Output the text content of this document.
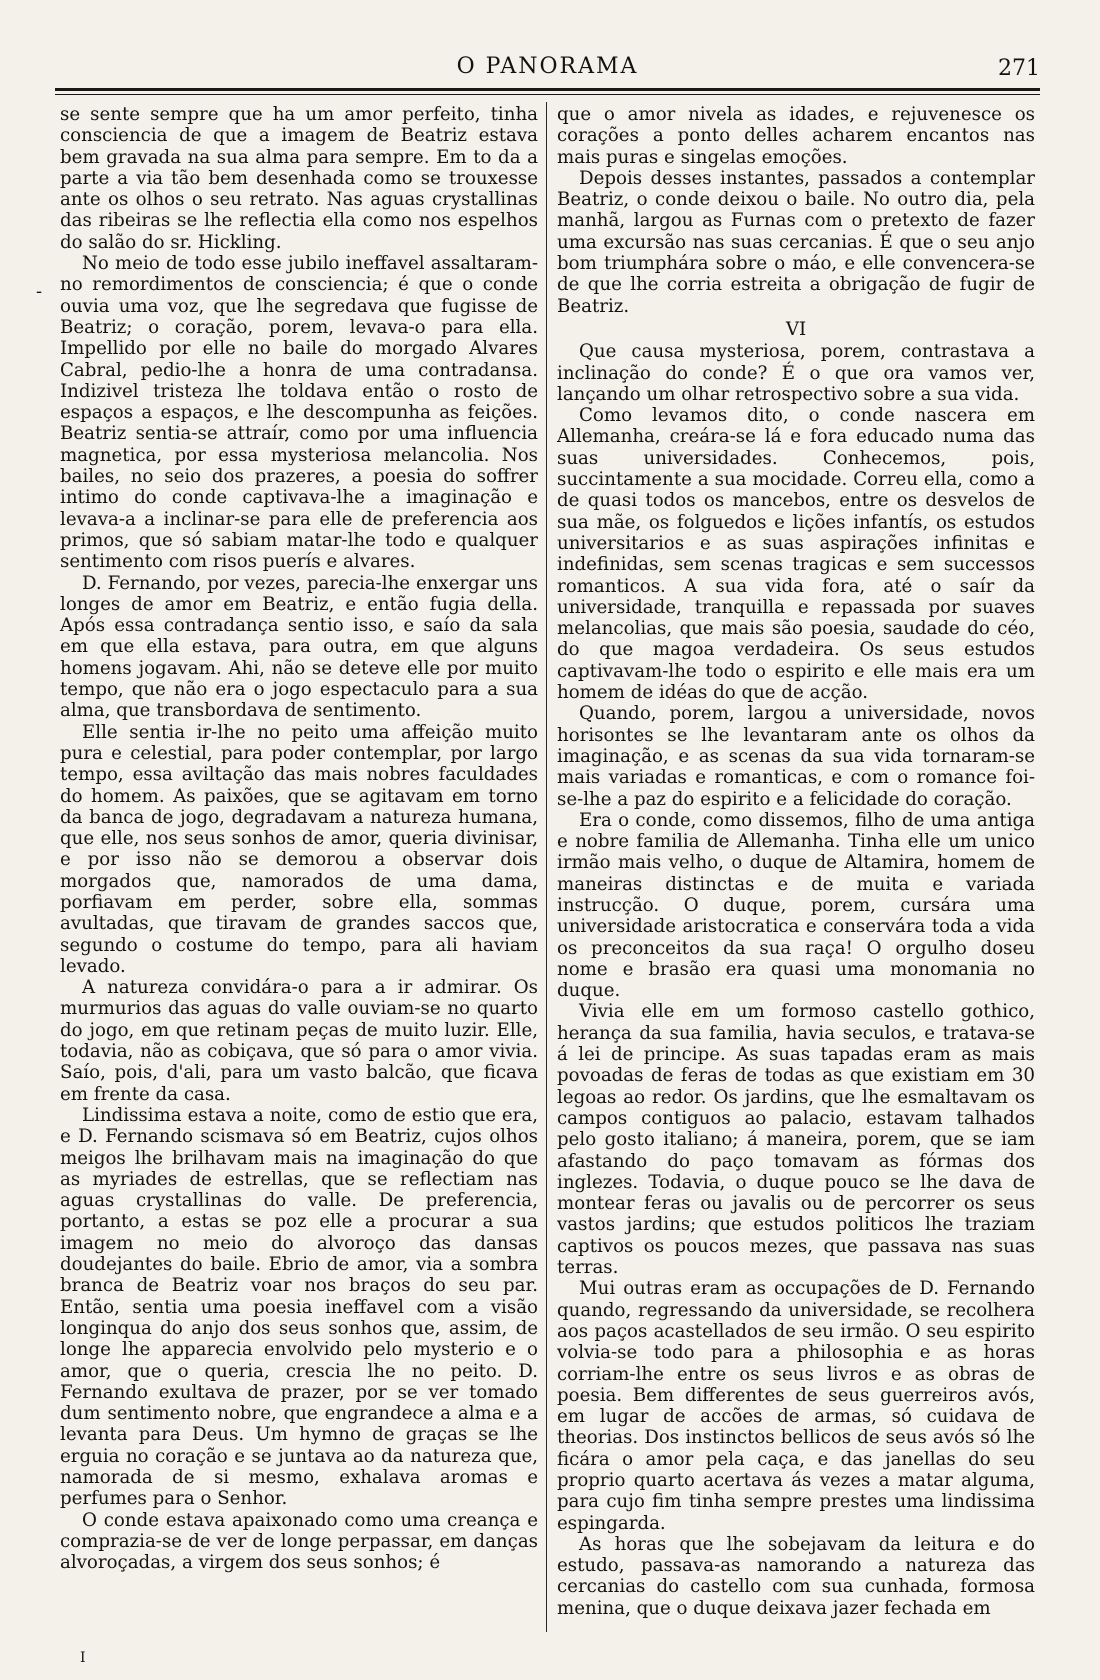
O PANORAMA	271

se sente sempre que ha um amor perfeito, tinha consciencia de que a imagem de Beatriz estava bem gravada na sua alma para sempre. Em to da a parte a via tão bem desenhada como se trouxesse ante os olhos o seu retrato. Nas aguas crystallinas das ribeiras se lhe reflectia ella como nos espelhos do salão do sr. Hickling.

No meio de todo esse jubilo ineffavel assaltaram-no remordimentos de consciencia; é que o conde ouvia uma voz, que lhe segredava que fugisse de Beatriz; o coração, porem, levava-o para ella. Impellido por elle no baile do morgado Alvares Cabral, pedio-lhe a honra de uma contradansa. Indizivel tristeza lhe toldava então o rosto de espaços a espaços, e lhe descompunha as feições. Beatriz sentia-se attraír, como por uma influencia magnetica, por essa mysteriosa melancolia. Nos bailes, no seio dos prazeres, a poesia do soffrer intimo do conde captivava-lhe a imaginação e levava-a a inclinar-se para elle de preferencia aos primos, que só sabiam matar-lhe todo e qualquer sentimento com risos puerís e alvares.

D. Fernando, por vezes, parecia-lhe enxergar uns longes de amor em Beatriz, e então fugia della. Após essa contradança sentio isso, e saío da sala em que ella estava, para outra, em que alguns homens jogavam. Ahi, não se deteve elle por muito tempo, que não era o jogo espectaculo para a sua alma, que transbordava de sentimento.

Elle sentia ir-lhe no peito uma affeição muito pura e celestial, para poder contemplar, por largo tempo, essa aviltação das mais nobres faculdades do homem. As paixões, que se agitavam em torno da banca de jogo, degradavam a natureza humana, que elle, nos seus sonhos de amor, queria divinisar, e por isso não se demorou a observar dois morgados que, namorados de uma dama, porfiavam em perder, sobre ella, sommas avultadas, que tiravam de grandes saccos que, segundo o costume do tempo, para ali haviam levado.

A natureza convidára-o para a ir admirar. Os murmurios das aguas do valle ouviam-se no quarto do jogo, em que retinam peças de muito luzir. Elle, todavia, não as cobiçava, que só para o amor vivia. Saío, pois, d'ali, para um vasto balcão, que ficava em frente da casa.

Lindissima estava a noite, como de estio que era, e D. Fernando scismava só em Beatriz, cujos olhos meigos lhe brilhavam mais na imaginação do que as myriades de estrellas, que se reflectiam nas aguas crystallinas do valle. De preferencia, portanto, a estas se poz elle a procurar a sua imagem no meio do alvoroço das dansas doudejantes do baile. Ebrio de amor, via a sombra branca de Beatriz voar nos braços do seu par. Então, sentia uma poesia ineffavel com a visão longinqua do anjo dos seus sonhos que, assim, de longe lhe apparecia envolvido pelo mysterio e o amor, que o queria, crescia lhe no peito. D. Fernando exultava de prazer, por se ver tomado dum sentimento nobre, que engrandece a alma e a levanta para Deus. Um hymno de graças se lhe erguia no coração e se juntava ao da natureza que, namorada de si mesmo, exhalava aromas e perfumes para o Senhor.

O conde estava apaixonado como uma creança e comprazia-se de ver de longe perpassar, em danças alvoroçadas, a virgem dos seus sonhos; é

que o amor nivela as idades, e rejuvenesce os corações a ponto delles acharem encantos nas mais puras e singelas emoções.

Depois desses instantes, passados a contemplar Beatriz, o conde deixou o baile. No outro dia, pela manhã, largou as Furnas com o pretexto de fazer uma excursão nas suas cercanias. É que o seu anjo bom triumphára sobre o máo, e elle convencera-se de que lhe corria estreita a obrigação de fugir de Beatriz.

VI

Que causa mysteriosa, porem, contrastava a inclinação do conde? É o que ora vamos ver, lançando um olhar retrospectivo sobre a sua vida.

Como levamos dito, o conde nascera em Allemanha, creára-se lá e fora educado numa das suas universidades. Conhecemos, pois, succintamente a sua mocidade. Correu ella, como a de quasi todos os mancebos, entre os desvelos de sua mãe, os folguedos e lições infantís, os estudos universitarios e as suas aspirações infinitas e indefinidas, sem scenas tragicas e sem successos romanticos. A sua vida fora, até o saír da universidade, tranquilla e repassada por suaves melancolias, que mais são poesia, saudade do céo, do que magoa verdadeira. Os seus estudos captivavam-lhe todo o espirito e elle mais era um homem de idéas do que de acção.

Quando, porem, largou a universidade, novos horisontes se lhe levantaram ante os olhos da imaginação, e as scenas da sua vida tornaram-se mais variadas e romanticas, e com o romance foi-se-lhe a paz do espirito e a felicidade do coração.

Era o conde, como dissemos, filho de uma antiga e nobre familia de Allemanha. Tinha elle um unico irmão mais velho, o duque de Altamira, homem de maneiras distinctas e de muita e variada instrucção. O duque, porem, cursára uma universidade aristocratica e conservára toda a vida os preconceitos da sua raça! O orgulho doseu nome e brasão era quasi uma monomania no duque.

Vivia elle em um formoso castello gothico, herança da sua familia, havia seculos, e tratava-se á lei de principe. As suas tapadas eram as mais povoadas de feras de todas as que existiam em 30 legoas ao redor. Os jardins, que lhe esmaltavam os campos contiguos ao palacio, estavam talhados pelo gosto italiano; á maneira, porem, que se iam afastando do paço tomavam as fórmas dos inglezes. Todavia, o duque pouco se lhe dava de montear feras ou javalis ou de percorrer os seus vastos jardins; que estudos politicos lhe traziam captivos os poucos mezes, que passava nas suas terras.

Mui outras eram as occupações de D. Fernando quando, regressando da universidade, se recolhera aos paços acastellados de seu irmão. O seu espirito volvia-se todo para a philosophia e as horas corriam-lhe entre os seus livros e as obras de poesia. Bem differentes de seus guerreiros avós, em lugar de accões de armas, só cuidava de theorias. Dos instinctos bellicos de seus avós só lhe ficára o amor pela caça, e das janellas do seu proprio quarto acertava ás vezes a matar alguma, para cujo fim tinha sempre prestes uma lindissima espingarda.

As horas que lhe sobejavam da leitura e do estudo, passava-as namorando a natureza das cercanias do castello com sua cunhada, formosa menina, que o duque deixava jazer fechada em

-
I
